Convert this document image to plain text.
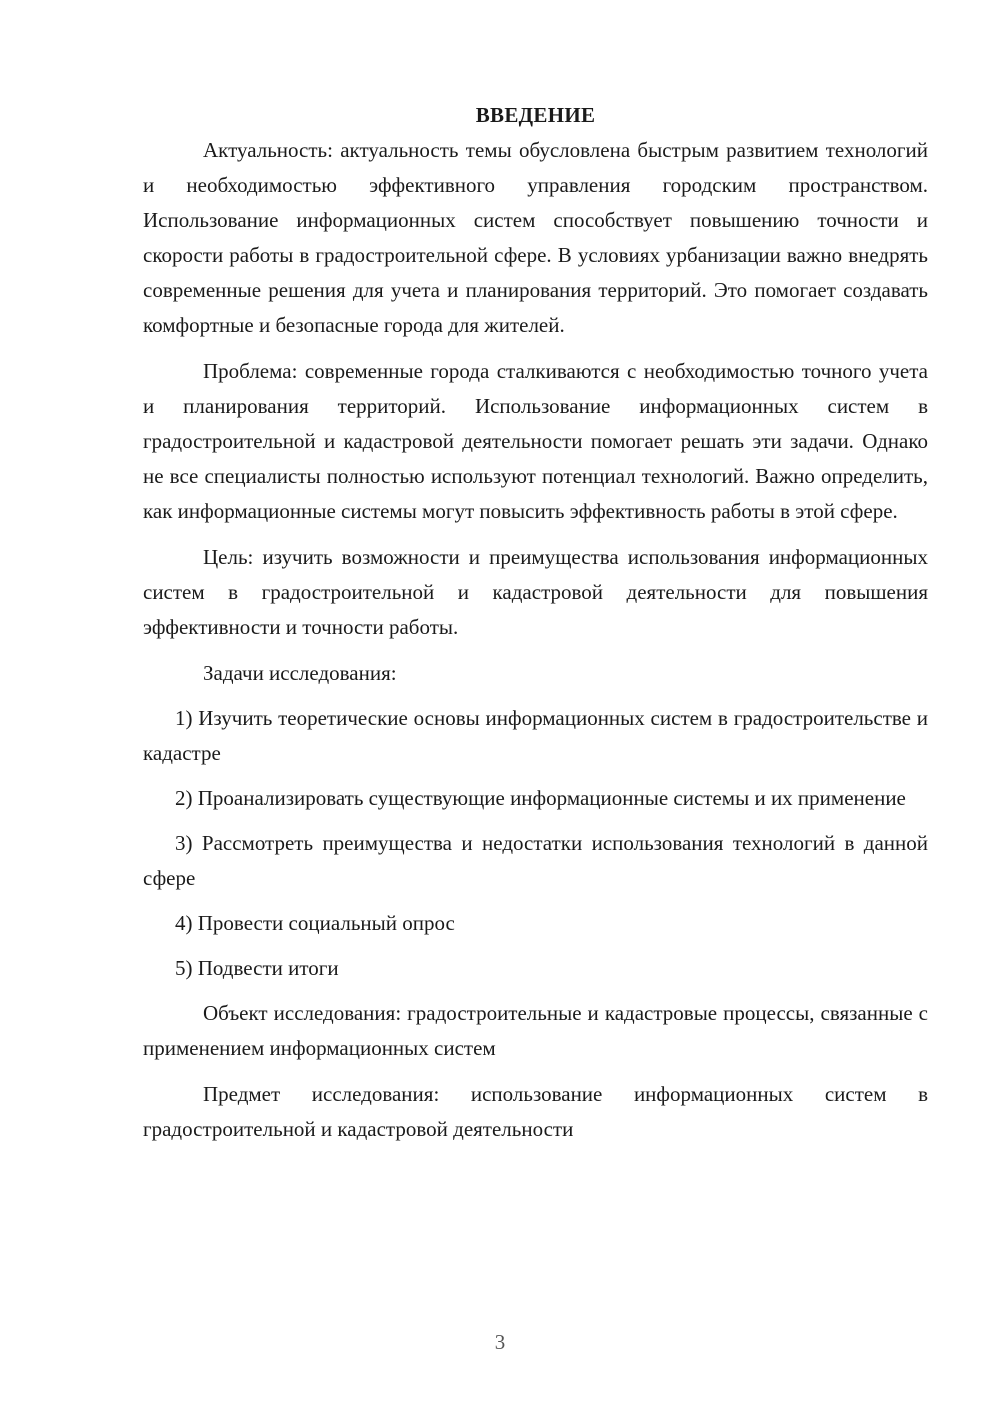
ВВЕДЕНИЕ

Актуальность: актуальность темы обусловлена быстрым развитием технологий и необходимостью эффективного управления городским пространством. Использование информационных систем способствует повышению точности и скорости работы в градостроительной сфере. В условиях урбанизации важно внедрять современные решения для учета и планирования территорий. Это помогает создавать комфортные и безопасные города для жителей.

Проблема: современные города сталкиваются с необходимостью точного учета и планирования территорий. Использование информационных систем в градостроительной и кадастровой деятельности помогает решать эти задачи. Однако не все специалисты полностью используют потенциал технологий. Важно определить, как информационные системы могут повысить эффективность работы в этой сфере.

Цель: изучить возможности и преимущества использования информационных систем в градостроительной и кадастровой деятельности для повышения эффективности и точности работы.

Задачи исследования:

1) Изучить теоретические основы информационных систем в градостроительстве и кадастре

2) Проанализировать существующие информационные системы и их применение

3) Рассмотреть преимущества и недостатки использования технологий в данной сфере

4) Провести социальный опрос

5) Подвести итоги

Объект исследования: градостроительные и кадастровые процессы, связанные с применением информационных систем

Предмет исследования: использование информационных систем в градостроительной и кадастровой деятельности

3
